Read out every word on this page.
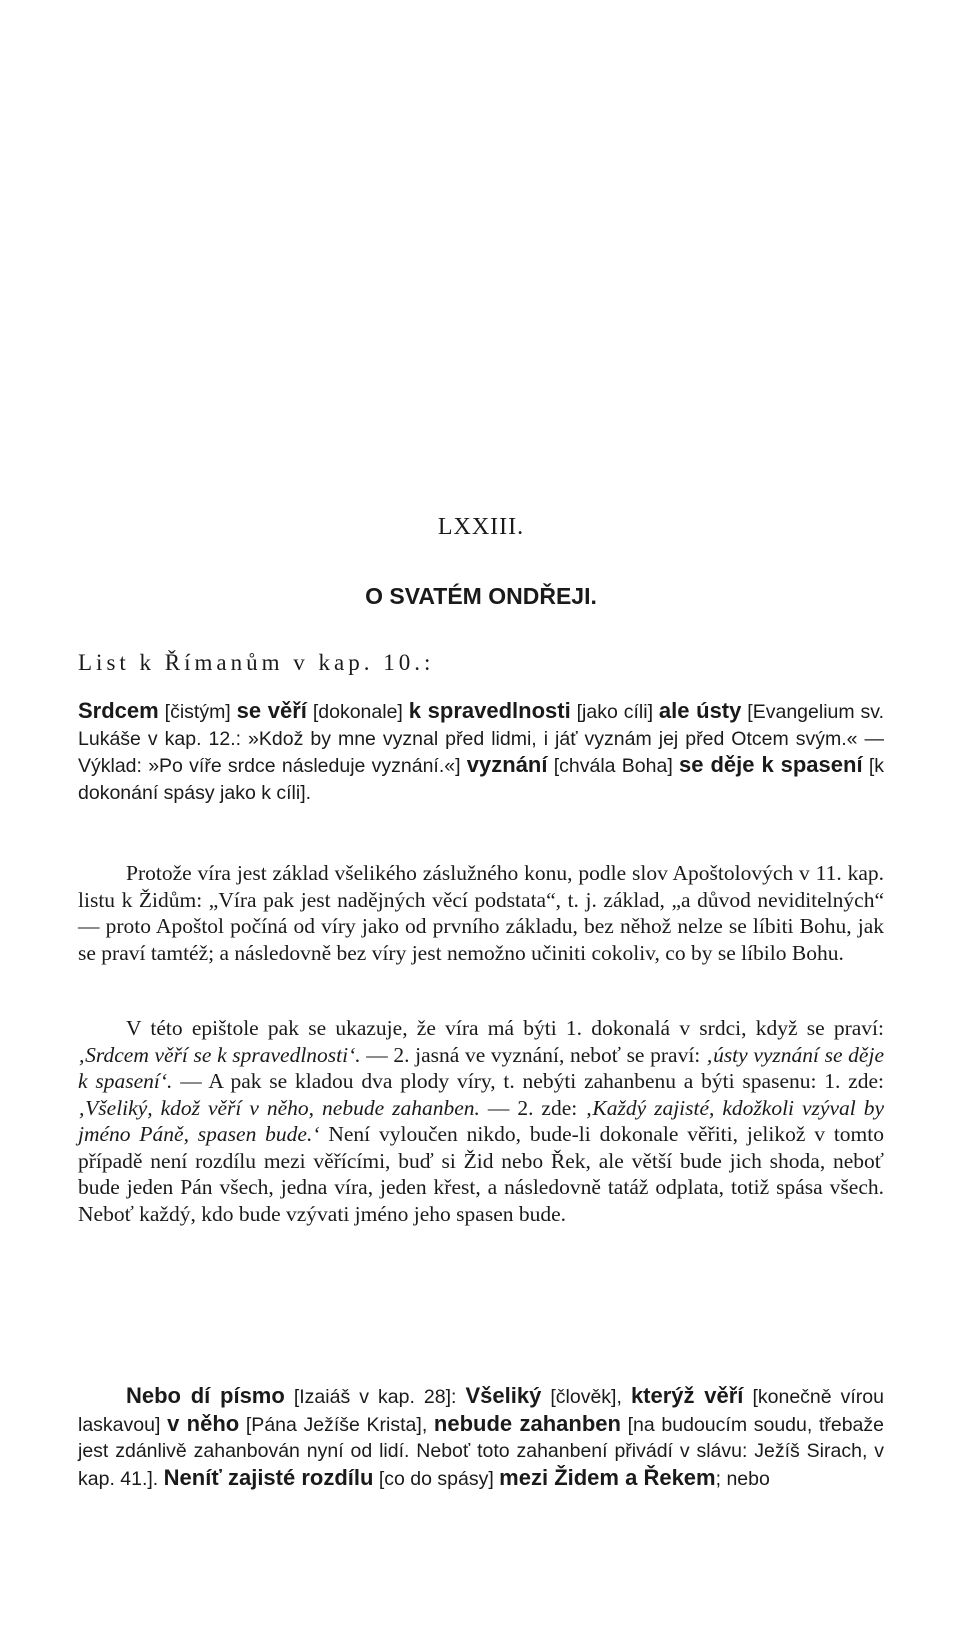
LXXIII.
O SVATÉM ONDŘEJI.
List k Římanům v kap. 10.:

Srdcem [čistým] se věří [dokonale] k spravedlnosti [jako cíli] ale ústy [Evangelium sv. Lukáše v kap. 12.: »Kdož by mne vyznal před lidmi, i jáť vyznám jej před Otcem svým.« — Výklad: »Po víře srdce následuje vyznání.«] vyznání [chvála Boha] se děje k spasení [k dokonání spásy jako k cíli].

Protože víra jest základ všelikého záslužného konu, podle slov Apoštolových v 11. kap. listu k Židům: „Víra pak jest nadějných věcí podstata“, t. j. základ, „a důvod neviditelných“ — proto Apoštol počíná od víry jako od prvního základu, bez něhož nelze se líbiti Bohu, jak se praví tamtéž; a následovně bez víry jest nemožno učiniti cokoliv, co by se líbilo Bohu.

V této epištole pak se ukazuje, že víra má býti 1. dokonalá v srdci, když se praví: ‚Srdcem věří se k spravedlnosti‘. — 2. jasná ve vyznání, neboť se praví: ‚ústy vyznání se děje k spasení‘. — A pak se kladou dva plody víry, t. nebýti zahanbenu a býti spasenu: 1. zde: ‚Všeliký, kdož věří v něho, nebude zahanben. — 2. zde: ‚Každý zajisté, kdožkoli vzýval by jméno Páně, spasen bude.‘ Není vyloučen nikdo, bude-li dokonale věřiti, jelikož v tomto případě není rozdílu mezi věřícími, buď si Žid nebo Řek, ale větší bude jich shoda, neboť bude jeden Pán všech, jedna víra, jeden křest, a následovně tatáž odplata, totiž spása všech. Neboť každý, kdo bude vzývati jméno jeho spasen bude.

Nebo dí písmo [Izaiáš v kap. 28]: Všeliký [člověk], kterýž věří [konečně vírou laskavou] v něho [Pána Ježíše Krista], nebude zahanben [na budoucím soudu, třebaže jest zdánlivě zahanbován nyní od lidí. Neboť toto zahanbení přivádí v slávu: Ježíš Sirach, v kap. 41.]. Neníť zajisté rozdílu [co do spásy] mezi Židem a Řekem; nebo
